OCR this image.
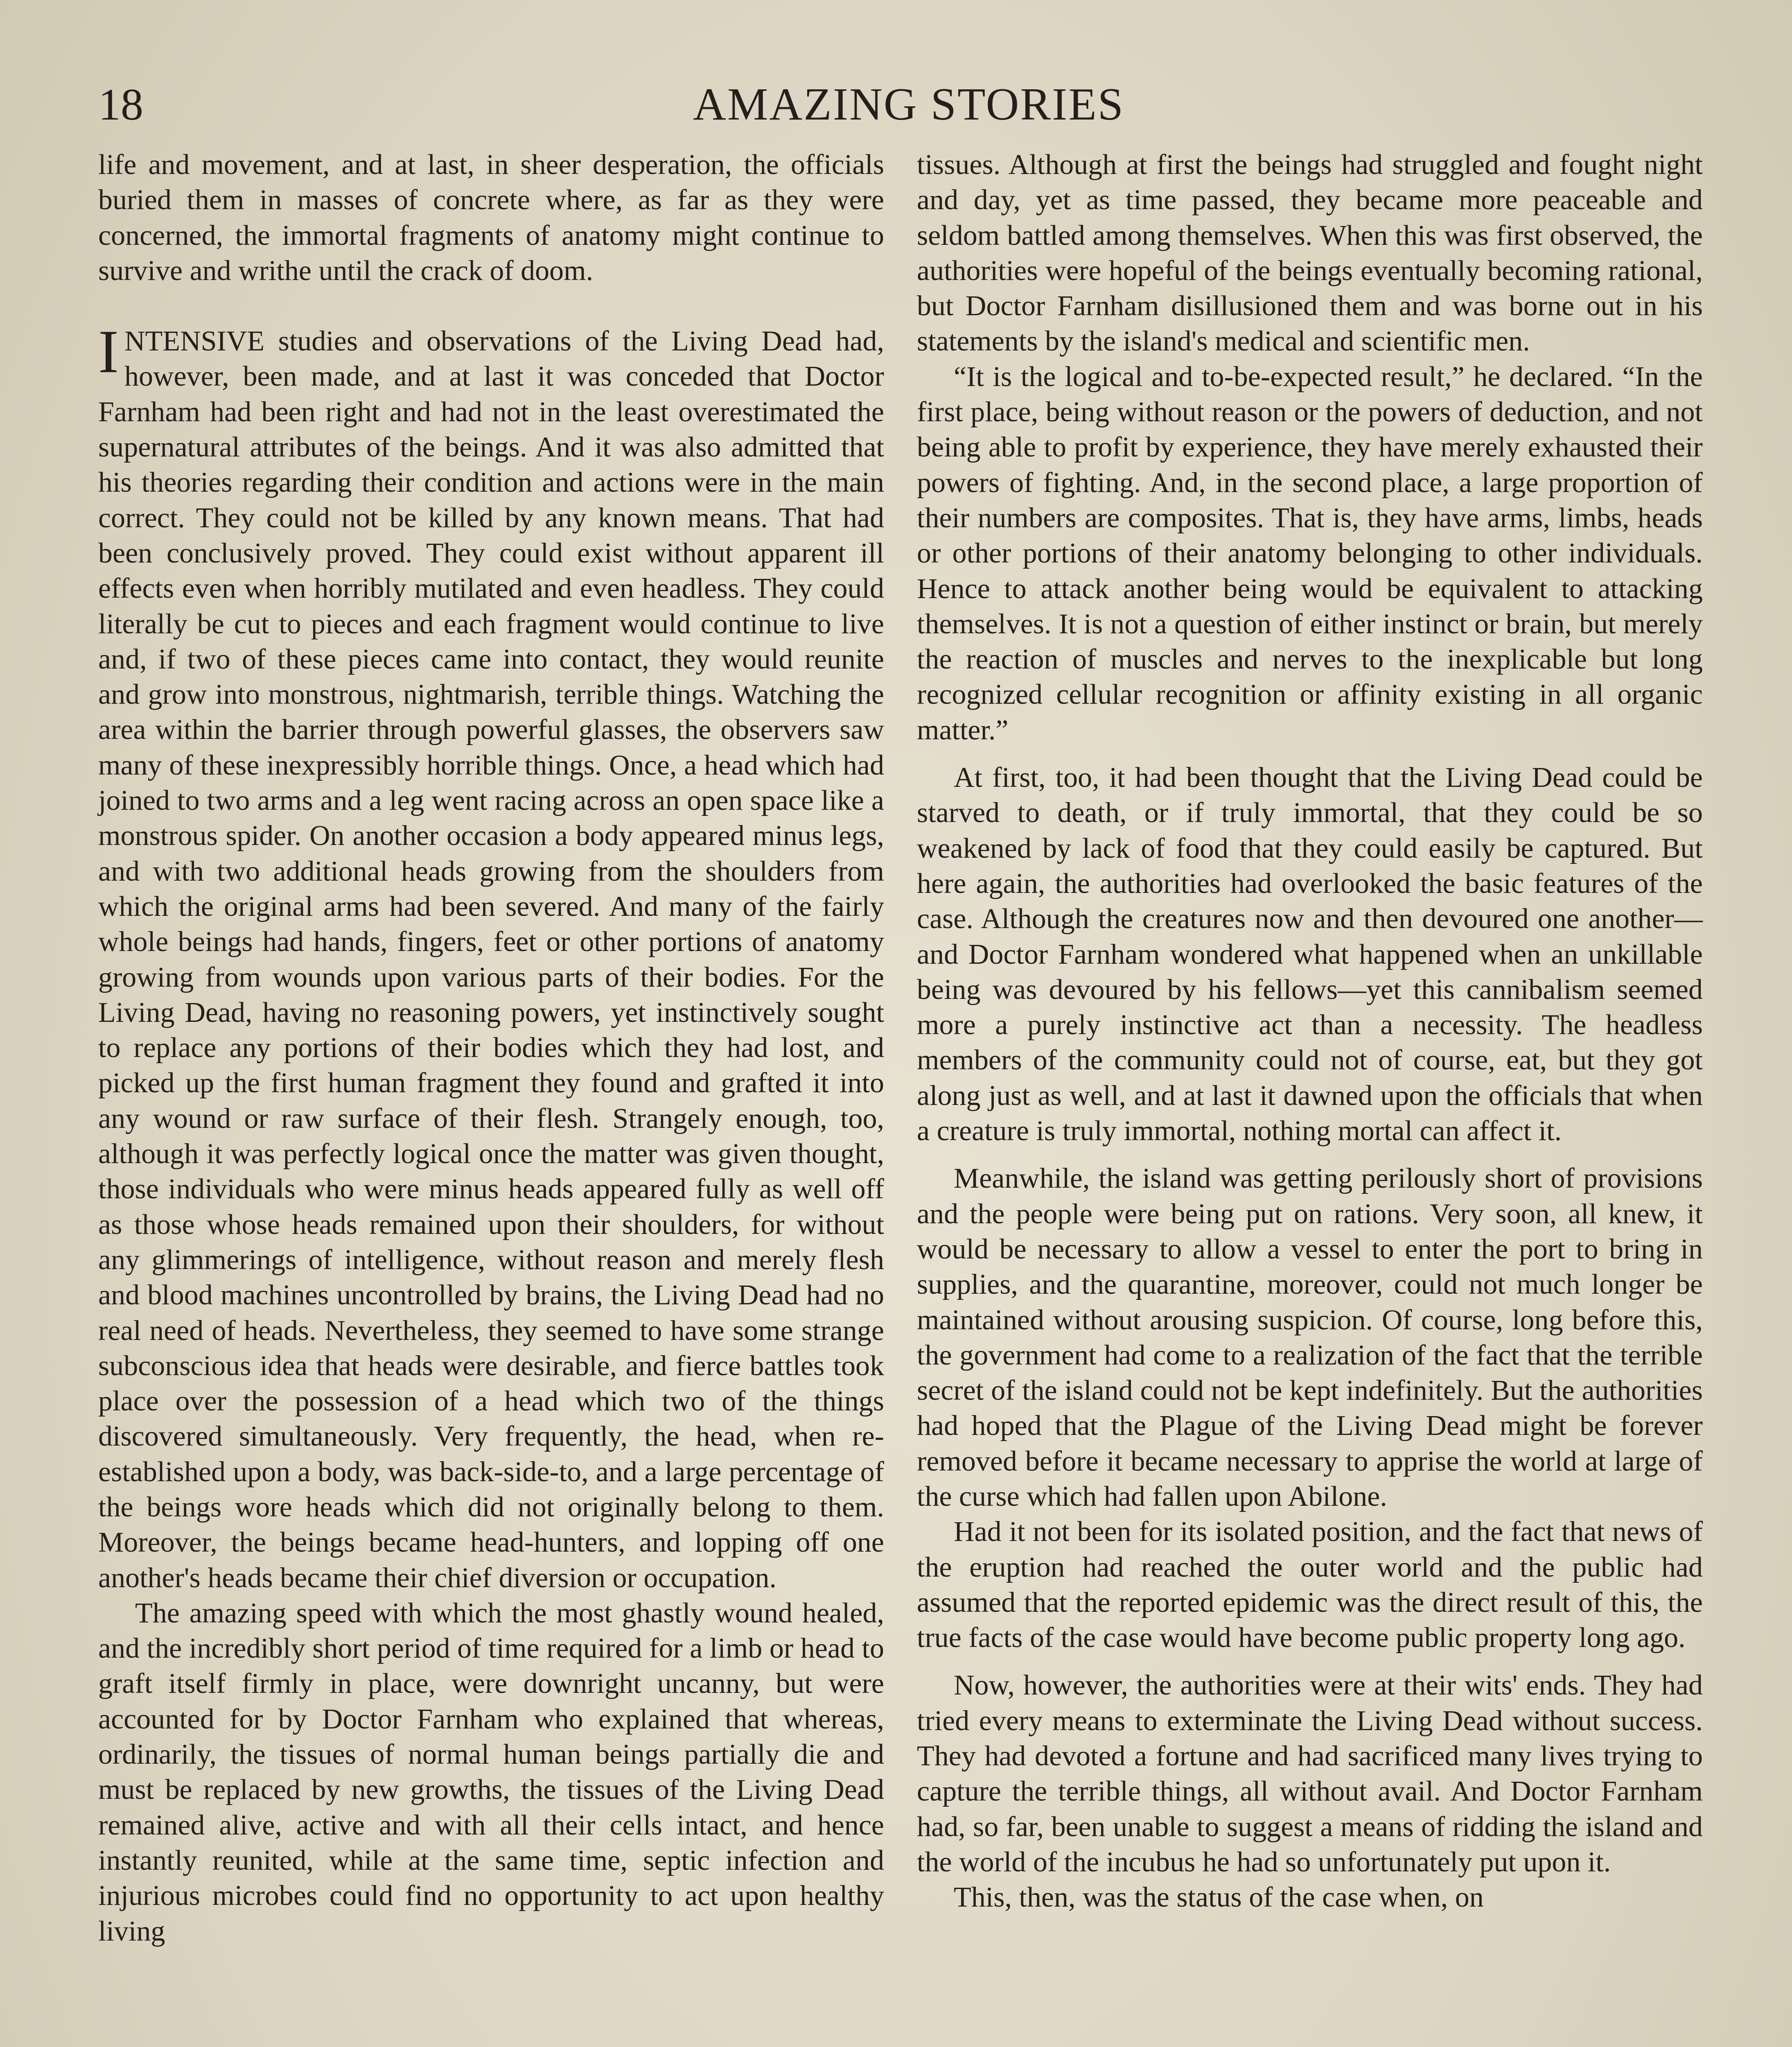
18	AMAZING STORIES

life and movement, and at last, in sheer desperation, the officials buried them in masses of concrete where, as far as they were concerned, the immortal fragments of anatomy might continue to survive and writhe until the crack of doom.

INTENSIVE studies and observations of the Living Dead had, however, been made, and at last it was conceded that Doctor Farnham had been right and had not in the least overestimated the supernatural attributes of the beings. And it was also admitted that his theories regarding their condition and actions were in the main correct. They could not be killed by any known means. That had been conclusively proved. They could exist without apparent ill effects even when horribly mutilated and even headless. They could literally be cut to pieces and each fragment would continue to live and, if two of these pieces came into contact, they would reunite and grow into monstrous, nightmarish, terrible things. Watching the area within the barrier through powerful glasses, the observers saw many of these inexpressibly horrible things. Once, a head which had joined to two arms and a leg went racing across an open space like a monstrous spider. On another occasion a body appeared minus legs, and with two additional heads growing from the shoulders from which the original arms had been severed. And many of the fairly whole beings had hands, fingers, feet or other portions of anatomy growing from wounds upon various parts of their bodies. For the Living Dead, having no reasoning powers, yet instinctively sought to replace any portions of their bodies which they had lost, and picked up the first human fragment they found and grafted it into any wound or raw surface of their flesh. Strangely enough, too, although it was perfectly logical once the matter was given thought, those individuals who were minus heads appeared fully as well off as those whose heads remained upon their shoulders, for without any glimmerings of intelligence, without reason and merely flesh and blood machines uncontrolled by brains, the Living Dead had no real need of heads. Nevertheless, they seemed to have some strange subconscious idea that heads were desirable, and fierce battles took place over the possession of a head which two of the things discovered simultaneously. Very frequently, the head, when re-established upon a body, was back-side-to, and a large percentage of the beings wore heads which did not originally belong to them. Moreover, the beings became head-hunters, and lopping off one another's heads became their chief diversion or occupation.

The amazing speed with which the most ghastly wound healed, and the incredibly short period of time required for a limb or head to graft itself firmly in place, were downright uncanny, but were accounted for by Doctor Farnham who explained that whereas, ordinarily, the tissues of normal human beings partially die and must be replaced by new growths, the tissues of the Living Dead remained alive, active and with all their cells intact, and hence instantly reunited, while at the same time, septic infection and injurious microbes could find no opportunity to act upon healthy living

tissues. Although at first the beings had struggled and fought night and day, yet as time passed, they became more peaceable and seldom battled among themselves. When this was first observed, the authorities were hopeful of the beings eventually becoming rational, but Doctor Farnham disillusioned them and was borne out in his statements by the island's medical and scientific men.

“It is the logical and to-be-expected result,” he declared. “In the first place, being without reason or the powers of deduction, and not being able to profit by experience, they have merely exhausted their powers of fighting. And, in the second place, a large proportion of their numbers are composites. That is, they have arms, limbs, heads or other portions of their anatomy belonging to other individuals. Hence to attack another being would be equivalent to attacking themselves. It is not a question of either instinct or brain, but merely the reaction of muscles and nerves to the inexplicable but long recognized cellular recognition or affinity existing in all organic matter.”

At first, too, it had been thought that the Living Dead could be starved to death, or if truly immortal, that they could be so weakened by lack of food that they could easily be captured. But here again, the authorities had overlooked the basic features of the case. Although the creatures now and then devoured one another—and Doctor Farnham wondered what happened when an unkillable being was devoured by his fellows—yet this cannibalism seemed more a purely instinctive act than a necessity. The headless members of the community could not of course, eat, but they got along just as well, and at last it dawned upon the officials that when a creature is truly immortal, nothing mortal can affect it.

Meanwhile, the island was getting perilously short of provisions and the people were being put on rations. Very soon, all knew, it would be necessary to allow a vessel to enter the port to bring in supplies, and the quarantine, moreover, could not much longer be maintained without arousing suspicion. Of course, long before this, the government had come to a realization of the fact that the terrible secret of the island could not be kept indefinitely. But the authorities had hoped that the Plague of the Living Dead might be forever removed before it became necessary to apprise the world at large of the curse which had fallen upon Abilone.

Had it not been for its isolated position, and the fact that news of the eruption had reached the outer world and the public had assumed that the reported epidemic was the direct result of this, the true facts of the case would have become public property long ago.

Now, however, the authorities were at their wits' ends. They had tried every means to exterminate the Living Dead without success. They had devoted a fortune and had sacrificed many lives trying to capture the terrible things, all without avail. And Doctor Farnham had, so far, been unable to suggest a means of ridding the island and the world of the incubus he had so unfortunately put upon it.

This, then, was the status of the case when, on
